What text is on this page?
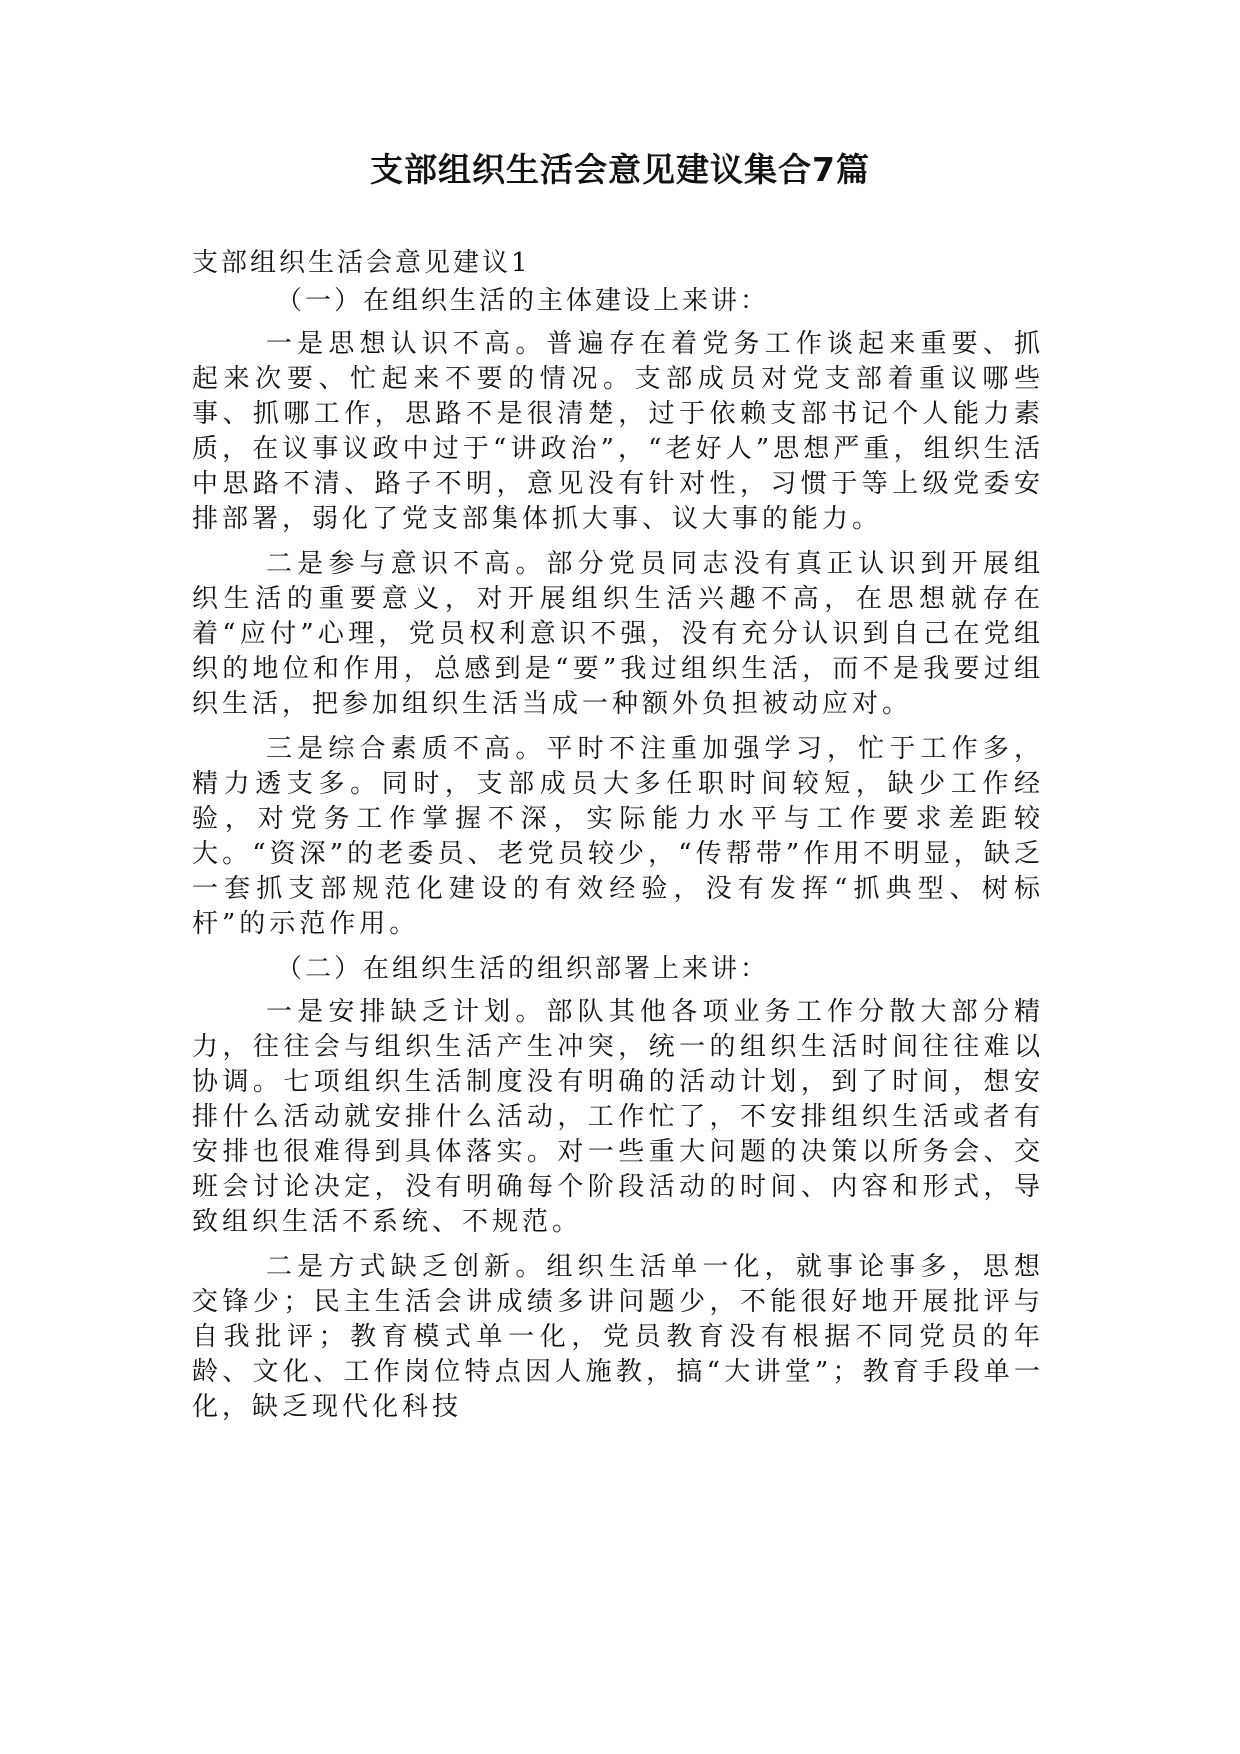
支部组织生活会意见建议集合7篇

支部组织生活会意见建议1

（一）在组织生活的主体建设上来讲：

一是思想认识不高。普遍存在着党务工作谈起来重要、抓起来次要、忙起来不要的情况。支部成员对党支部着重议哪些事、抓哪工作，思路不是很清楚，过于依赖支部书记个人能力素质，在议事议政中过于“讲政治”，“老好人”思想严重，组织生活中思路不清、路子不明，意见没有针对性，习惯于等上级党委安排部署，弱化了党支部集体抓大事、议大事的能力。

二是参与意识不高。部分党员同志没有真正认识到开展组织生活的重要意义，对开展组织生活兴趣不高，在思想就存在着“应付”心理，党员权利意识不强，没有充分认识到自己在党组织的地位和作用，总感到是“要”我过组织生活，而不是我要过组织生活，把参加组织生活当成一种额外负担被动应对。

三是综合素质不高。平时不注重加强学习，忙于工作多，精力透支多。同时，支部成员大多任职时间较短，缺少工作经验，对党务工作掌握不深，实际能力水平与工作要求差距较大。“资深”的老委员、老党员较少，“传帮带”作用不明显，缺乏一套抓支部规范化建设的有效经验，没有发挥“抓典型、树标杆”的示范作用。

（二）在组织生活的组织部署上来讲：

一是安排缺乏计划。部队其他各项业务工作分散大部分精力，往往会与组织生活产生冲突，统一的组织生活时间往往难以协调。七项组织生活制度没有明确的活动计划，到了时间，想安排什么活动就安排什么活动，工作忙了，不安排组织生活或者有安排也很难得到具体落实。对一些重大问题的决策以所务会、交班会讨论决定，没有明确每个阶段活动的时间、内容和形式，导致组织生活不系统、不规范。

二是方式缺乏创新。组织生活单一化，就事论事多，思想交锋少；民主生活会讲成绩多讲问题少，不能很好地开展批评与自我批评；教育模式单一化，党员教育没有根据不同党员的年龄、文化、工作岗位特点因人施教，搞“大讲堂”；教育手段单一化，缺乏现代化科技
